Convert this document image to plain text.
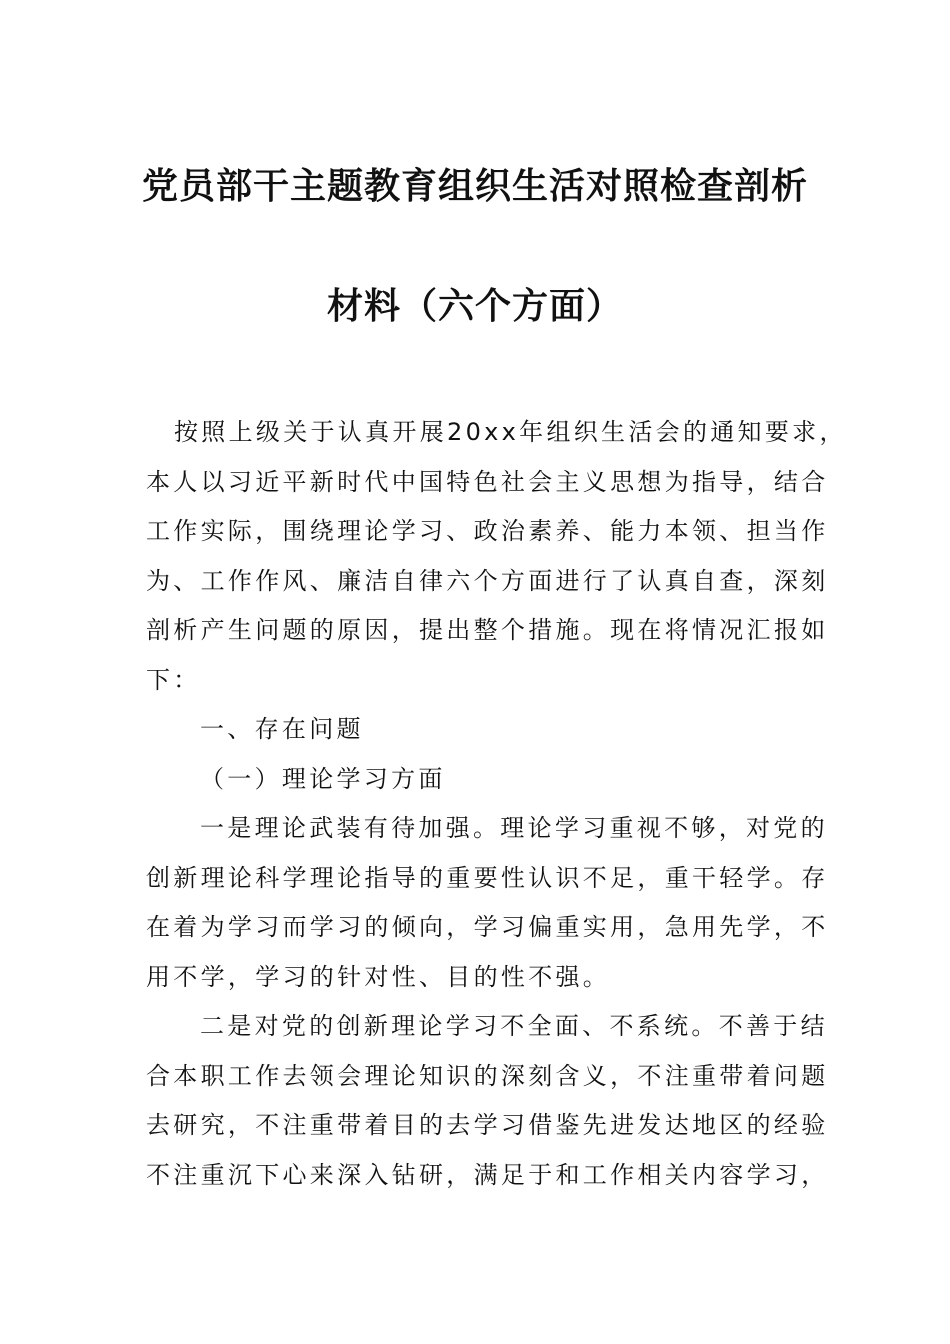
党员部干主题教育组织生活对照检查剖析
材料（六个方面）
按照上级关于认真开展20xx年组织生活会的通知要求，
本人以习近平新时代中国特色社会主义思想为指导，结合
工作实际，围绕理论学习、政治素养、能力本领、担当作
为、工作作风、廉洁自律六个方面进行了认真自查，深刻
剖析产生问题的原因，提出整个措施。现在将情况汇报如
下：
一、存在问题
（一）理论学习方面
一是理论武装有待加强。理论学习重视不够，对党的
创新理论科学理论指导的重要性认识不足，重干轻学。存
在着为学习而学习的倾向，学习偏重实用，急用先学，不
用不学，学习的针对性、目的性不强。
二是对党的创新理论学习不全面、不系统。不善于结
合本职工作去领会理论知识的深刻含义，不注重带着问题
去研究，不注重带着目的去学习借鉴先进发达地区的经验
不注重沉下心来深入钻研，满足于和工作相关内容学习，
